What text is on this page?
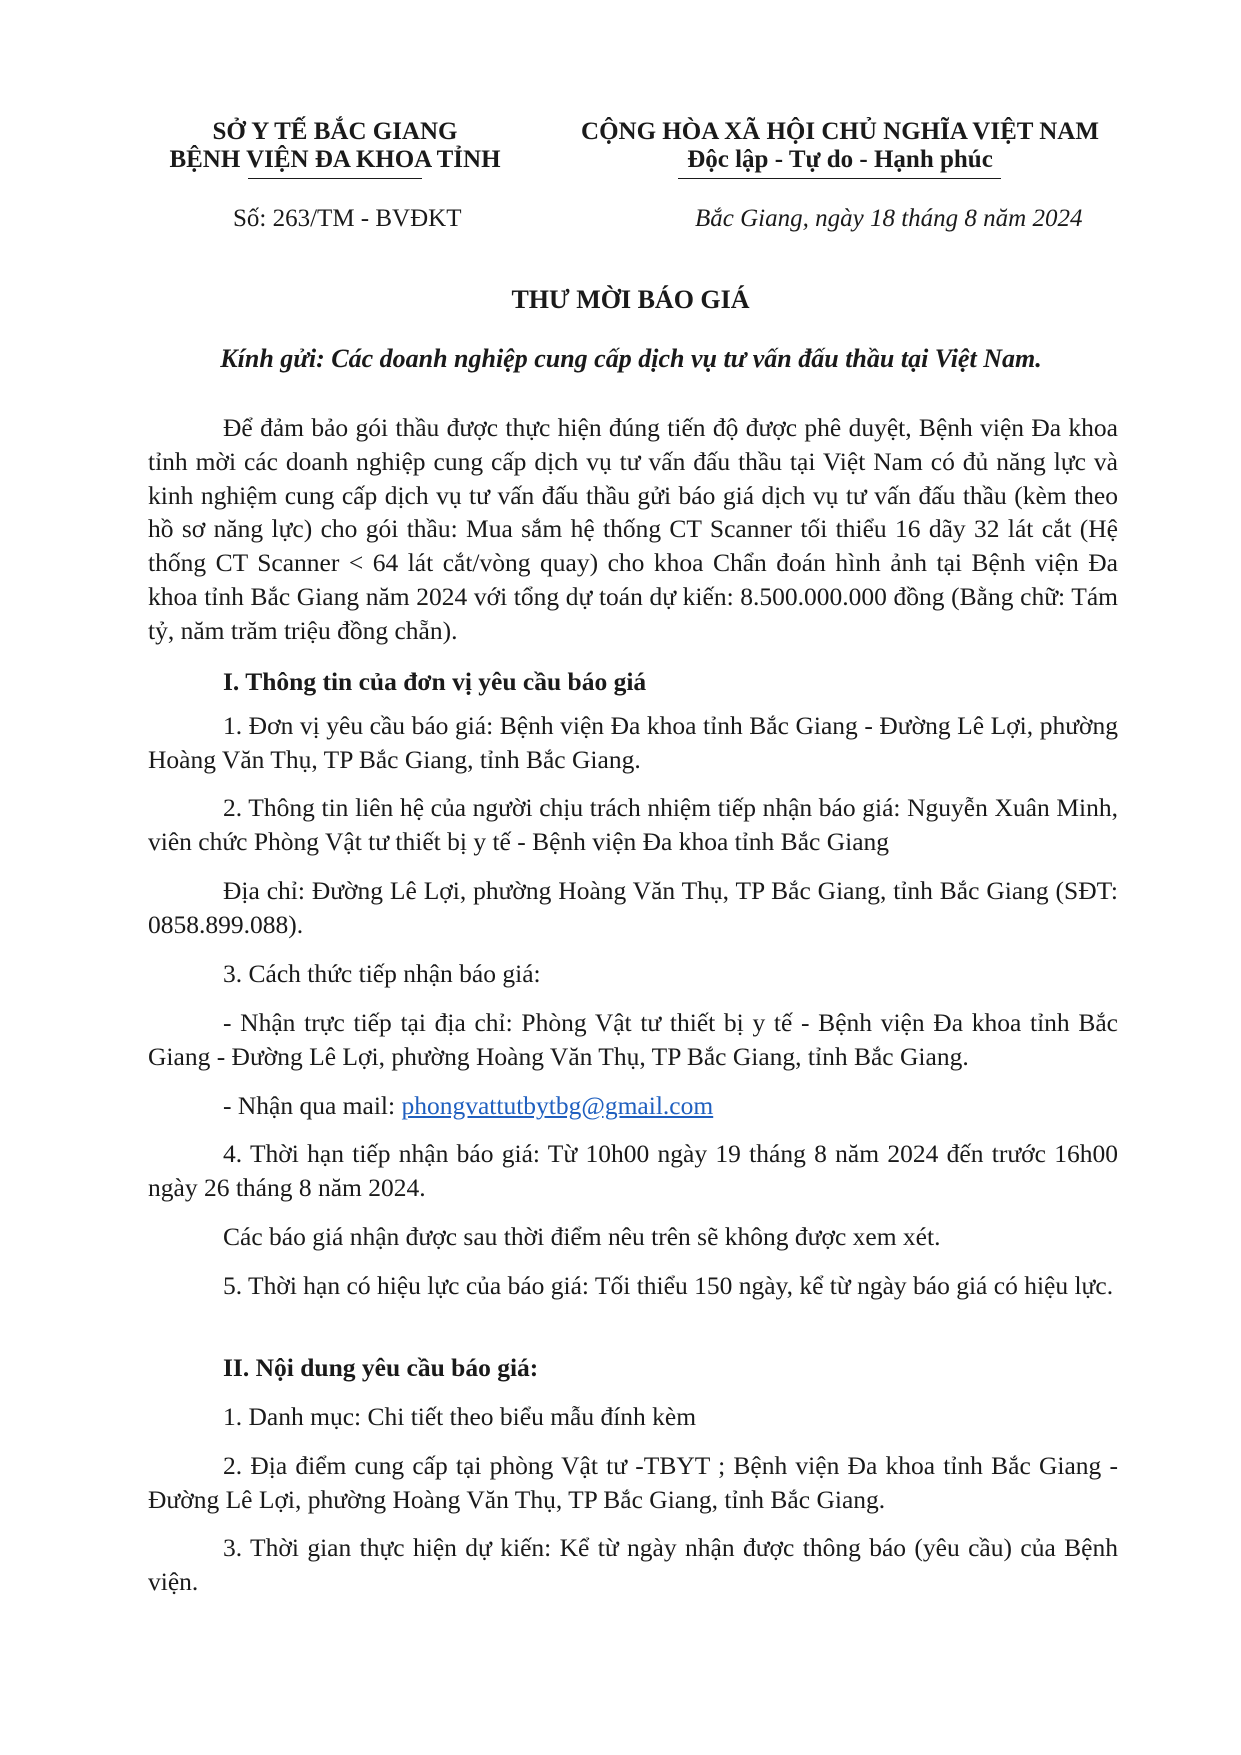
SỞ Y TẾ BẮC GIANG
BỆNH VIỆN ĐA KHOA TỈNH
CỘNG HÒA XÃ HỘI CHỦ NGHĨA VIỆT NAM
Độc lập - Tự do - Hạnh phúc
Số: 263/TM - BVĐKT	Bắc Giang, ngày 18 tháng 8 năm 2024
THƯ MỜI BÁO GIÁ
Kính gửi: Các doanh nghiệp cung cấp dịch vụ tư vấn đấu thầu tại Việt Nam.
Để đảm bảo gói thầu được thực hiện đúng tiến độ được phê duyệt, Bệnh viện Đa khoa tỉnh mời các doanh nghiệp cung cấp dịch vụ tư vấn đấu thầu tại Việt Nam có đủ năng lực và kinh nghiệm cung cấp dịch vụ tư vấn đấu thầu gửi báo giá dịch vụ tư vấn đấu thầu (kèm theo hồ sơ năng lực) cho gói thầu: Mua sắm hệ thống CT Scanner tối thiểu 16 dãy 32 lát cắt (Hệ thống CT Scanner < 64 lát cắt/vòng quay) cho khoa Chẩn đoán hình ảnh tại Bệnh viện Đa khoa tỉnh Bắc Giang năm 2024 với tổng dự toán dự kiến: 8.500.000.000 đồng (Bằng chữ: Tám tỷ, năm trăm triệu đồng chẵn).
I. Thông tin của đơn vị yêu cầu báo giá
1. Đơn vị yêu cầu báo giá: Bệnh viện Đa khoa tỉnh Bắc Giang - Đường Lê Lợi, phường Hoàng Văn Thụ, TP Bắc Giang, tỉnh Bắc Giang.
2. Thông tin liên hệ của người chịu trách nhiệm tiếp nhận báo giá: Nguyễn Xuân Minh, viên chức Phòng Vật tư thiết bị y tế - Bệnh viện Đa khoa tỉnh Bắc Giang
Địa chỉ: Đường Lê Lợi, phường Hoàng Văn Thụ, TP Bắc Giang, tỉnh Bắc Giang (SĐT: 0858.899.088).
3. Cách thức tiếp nhận báo giá:
- Nhận trực tiếp tại địa chỉ: Phòng Vật tư thiết bị y tế - Bệnh viện Đa khoa tỉnh Bắc Giang - Đường Lê Lợi, phường Hoàng Văn Thụ, TP Bắc Giang, tỉnh Bắc Giang.
- Nhận qua mail: phongvattutbytbg@gmail.com
4. Thời hạn tiếp nhận báo giá: Từ 10h00 ngày 19 tháng 8 năm 2024 đến trước 16h00 ngày 26 tháng 8 năm 2024.
Các báo giá nhận được sau thời điểm nêu trên sẽ không được xem xét.
5. Thời hạn có hiệu lực của báo giá: Tối thiểu 150 ngày, kể từ ngày báo giá có hiệu lực.
II. Nội dung yêu cầu báo giá:
1. Danh mục: Chi tiết theo biểu mẫu đính kèm
2. Địa điểm cung cấp tại phòng Vật tư -TBYT ; Bệnh viện Đa khoa tỉnh Bắc Giang - Đường Lê Lợi, phường Hoàng Văn Thụ, TP Bắc Giang, tỉnh Bắc Giang.
3. Thời gian thực hiện dự kiến: Kể từ ngày nhận được thông báo (yêu cầu) của Bệnh viện.
